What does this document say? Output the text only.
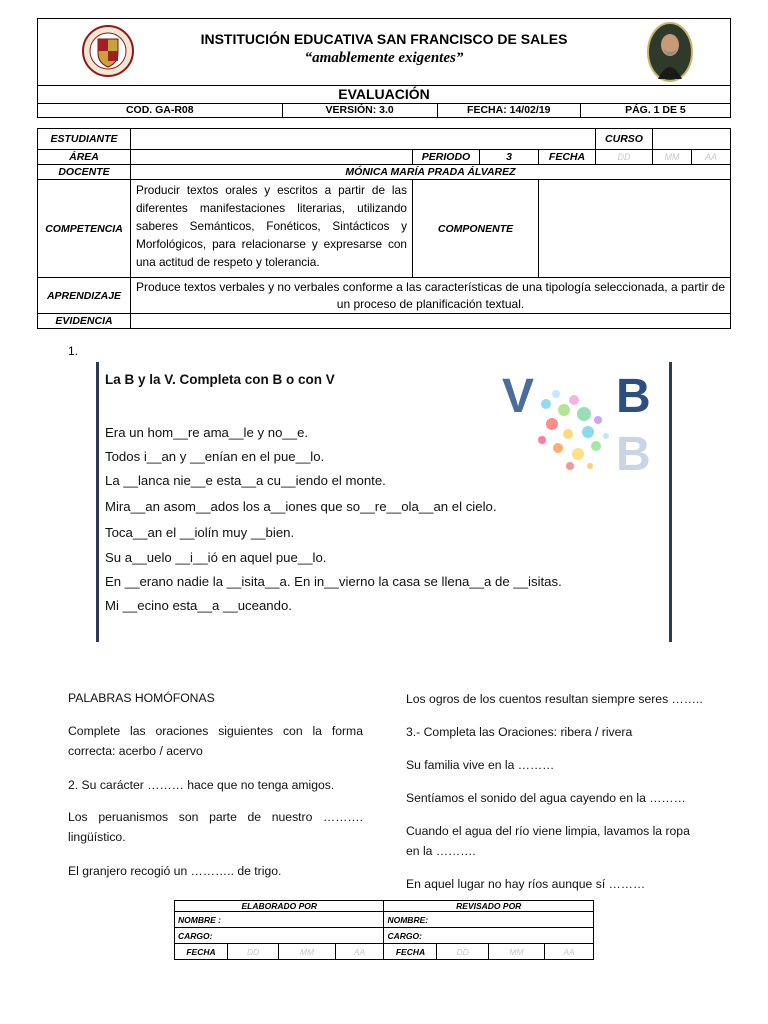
INSTITUCIÓN EDUCATIVA SAN FRANCISCO DE SALES
“amablemente exigentes”
EVALUACIÓN
COD. GA-R08	VERSIÓN: 3.0	FECHA: 14/02/19	PÁG. 1 DE 5
ESTUDIANTE					CURSO		
ÁREA		PERIODO	3	FECHA	DD	MM	AA
DOCENTE	MÓNICA MARÍA PRADA ÁLVAREZ						
COMPETENCIA	Producir textos orales y escritos a partir de las diferentes manifestaciones literarias, utilizando saberes Semánticos, Fonéticos, Sintácticos y Morfológicos, para relacionarse y expresarse con una actitud de respeto y tolerancia.	COMPONENTE					
APRENDIZAJE	Produce textos verbales y no verbales conforme a las características de una tipología seleccionada, a partir de un proceso de planificación textual.						
EVIDENCIA							
1.
La B y la V. Completa con B o con V
Era un hom__re ama__le y no__e.
Todos i__an y __enían en el pue__lo.
La __lanca nie__e esta__a cu__iendo el monte.
Mira__an asom__ados los a__iones que so__re__ola__an el cielo.
Toca__an el __iolín muy __bien.
Su a__uelo __i__ió en aquel pue__lo.
En __erano nadie la __isita__a. En in__vierno la casa se llena__a de __isitas.
Mi __ecino esta__a __uceando.
V B
B
PALABRAS HOMÓFONAS
Complete las oraciones siguientes con la forma correcta: acerbo / acervo
2. Su carácter ……… hace que no tenga amigos.
Los peruanismos son parte de nuestro ………. lingüístico.
El granjero recogió un ……….. de trigo.
Los ogros de los cuentos resultan siempre seres ……..
3.- Completa las Oraciones: ribera / rivera
Su familia vive en la ………
Sentíamos el sonido del agua cayendo en la ………
Cuando el agua del río viene limpia, lavamos la ropa en la ……….
En aquel lugar no hay ríos aunque sí ………
ELABORADO POR				REVISADO POR			
NOMBRE :				NOMBRE:			
CARGO:				CARGO:			
FECHA	DD	MM	AA	FECHA	DD	MM	AA
